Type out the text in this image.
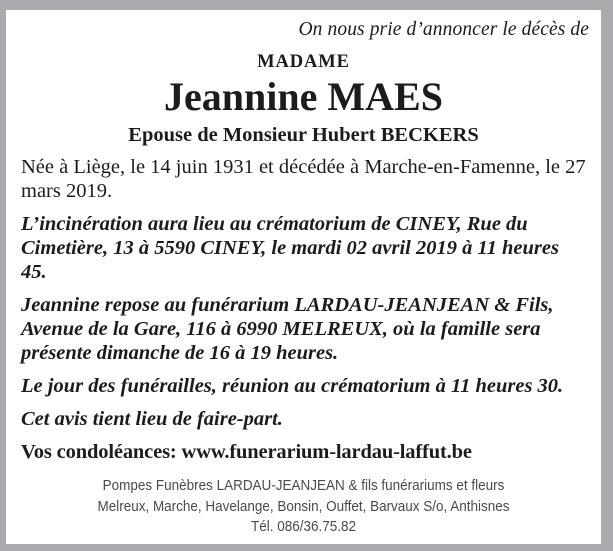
On nous prie d’annoncer le décès de
MADAME
Jeannine MAES
Epouse de Monsieur Hubert BECKERS
Née à Liège, le 14 juin 1931 et décédée à Marche-en-Famenne, le 27 mars 2019.
L’incinération aura lieu au crématorium de CINEY, Rue du Cimetière, 13 à 5590 CINEY, le mardi 02 avril 2019 à 11 heures 45.
Jeannine repose au funérarium LARDAU-JEANJEAN & Fils, Avenue de la Gare, 116 à 6990 MELREUX, où la famille sera présente dimanche de 16 à 19 heures.
Le jour des funérailles, réunion au crématorium à 11 heures 30.
Cet avis tient lieu de faire-part.
Vos condoléances: www.funerarium-lardau-laffut.be
Pompes Funèbres LARDAU-JEANJEAN & fils funérariums et fleurs
Melreux, Marche, Havelange, Bonsin, Ouffet, Barvaux S/o, Anthisnes
Tél. 086/36.75.82
